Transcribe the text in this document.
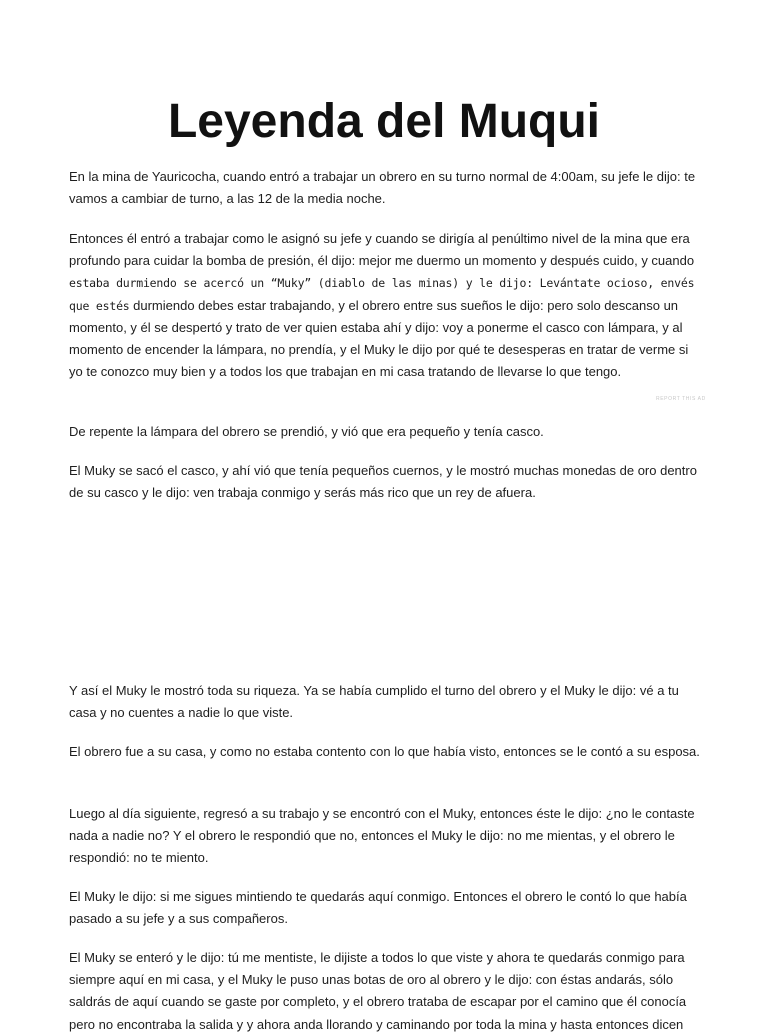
Leyenda del Muqui

En la mina de Yauricocha, cuando entró a trabajar un obrero en su turno normal de 4:00am, su jefe le dijo: te vamos a cambiar de turno, a las 12 de la media noche.

Entonces él entró a trabajar como le asignó su jefe y cuando se dirigía al penúltimo nivel de la mina que era profundo para cuidar la bomba de presión, él dijo: mejor me duermo un momento y después cuido, y cuando estaba durmiendo se acercó un “Muky” (diablo de las minas) y le dijo: Levántate ocioso, envés que estés durmiendo debes estar trabajando, y el obrero entre sus sueños le dijo: pero solo descanso un momento, y él se despertó y trato de ver quien estaba ahí y dijo: voy a ponerme el casco con lámpara, y al momento de encender la lámpara, no prendía, y el Muky le dijo por qué te desesperas en tratar de verme si yo te conozco muy bien y a todos los que trabajan en mi casa tratando de llevarse lo que tengo.

REPORT THIS AD

De repente la lámpara del obrero se prendió, y vió que era pequeño y tenía casco.

El Muky se sacó el casco, y ahí vió que tenía pequeños cuernos, y le mostró muchas monedas de oro dentro de su casco y le dijo: ven trabaja conmigo y serás más rico que un rey de afuera.

Y así el Muky le mostró toda su riqueza. Ya se había cumplido el turno del obrero y el Muky le dijo: vé a tu casa y no cuentes a nadie lo que viste.

El obrero fue a su casa, y como no estaba contento con lo que había visto, entonces se le contó a su esposa.

Luego al día siguiente, regresó a su trabajo y se encontró con el Muky, entonces éste le dijo: ¿no le contaste nada a nadie no? Y el obrero le respondió que no, entonces el Muky le dijo: no me mientas, y el obrero le respondió: no te miento.

El Muky le dijo: si me sigues mintiendo te quedarás aquí conmigo. Entonces el obrero le contó lo que había pasado a su jefe y a sus compañeros.

El Muky se enteró y le dijo: tú me mentiste, le dijiste a todos lo que viste y ahora te quedarás conmigo para siempre aquí en mi casa, y el Muky le puso unas botas de oro al obrero y le dijo: con éstas andarás, sólo saldrás de aquí cuando se gaste por completo, y el obrero trataba de escapar por el camino que él conocía pero no encontraba la salida y y ahora anda llorando y caminando por toda la mina y hasta entonces dicen
